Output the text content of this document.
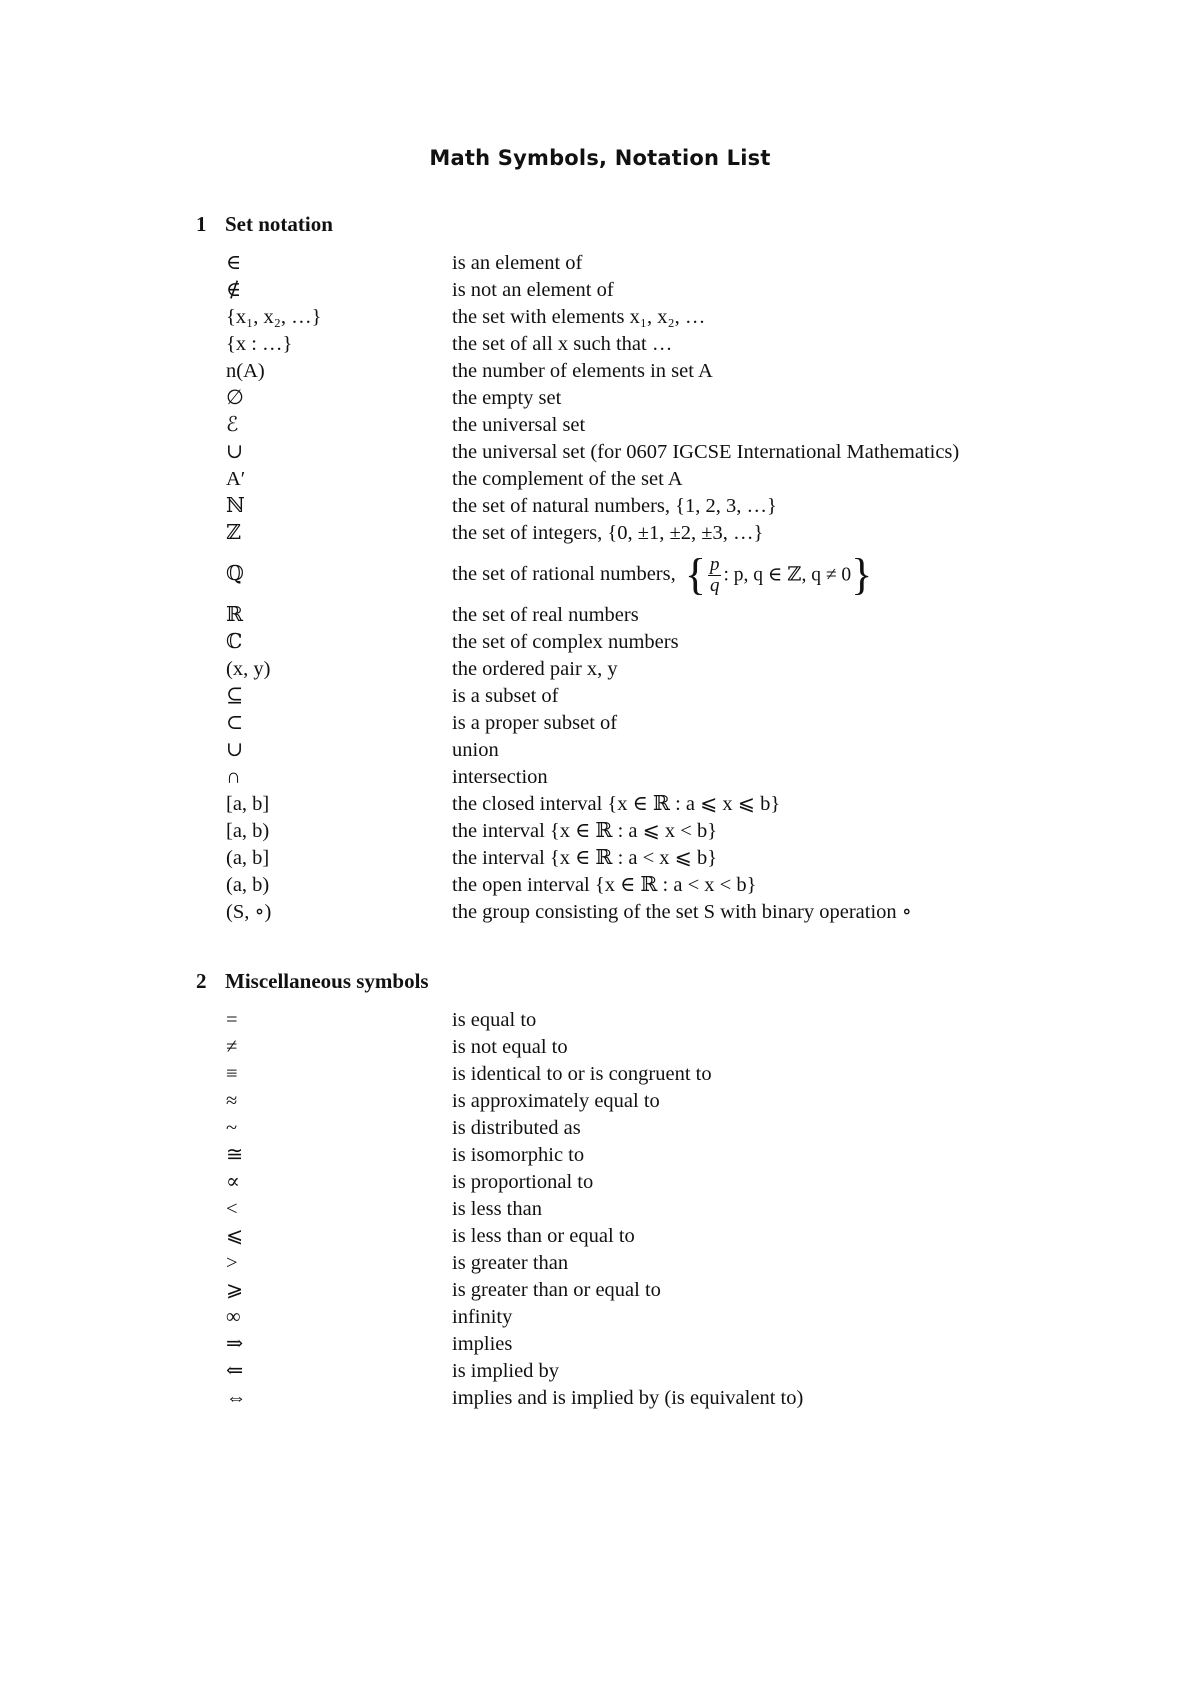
Math Symbols, Notation List
1 Set notation
∈	is an element of
∉	is not an element of
{x₁, x₂, …}	the set with elements x₁, x₂, …
{x : …}	the set of all x such that …
n(A)	the number of elements in set A
∅	the empty set
ℰ	the universal set
∪	the universal set (for 0607 IGCSE International Mathematics)
A′	the complement of the set A
ℕ	the set of natural numbers, {1, 2, 3, …}
ℤ	the set of integers, {0, ±1, ±2, ±3, …}
ℚ	the set of rational numbers, { $\frac{p}{q}$ : p, q ∈ ℤ, q ≠ 0}
ℝ	the set of real numbers
ℂ	the set of complex numbers
(x, y)	the ordered pair x, y
⊆	is a subset of
⊂	is a proper subset of
∪	union
∩	intersection
[a, b]	the closed interval {x ∈ ℝ : a ⩽ x ⩽ b}
[a, b)	the interval {x ∈ ℝ : a ⩽ x < b}
(a, b]	the interval {x ∈ ℝ : a < x ⩽ b}
(a, b)	the open interval {x ∈ ℝ : a < x < b}
(S, ∘)	the group consisting of the set S with binary operation ∘
2 Miscellaneous symbols
=	is equal to
≠	is not equal to
≡	is identical to or is congruent to
≈	is approximately equal to
~	is distributed as
≅	is isomorphic to
∝	is proportional to
<	is less than
⩽	is less than or equal to
>	is greater than
⩾	is greater than or equal to
∞	infinity
⇒	implies
⇐	is implied by
⇔	implies and is implied by (is equivalent to)
